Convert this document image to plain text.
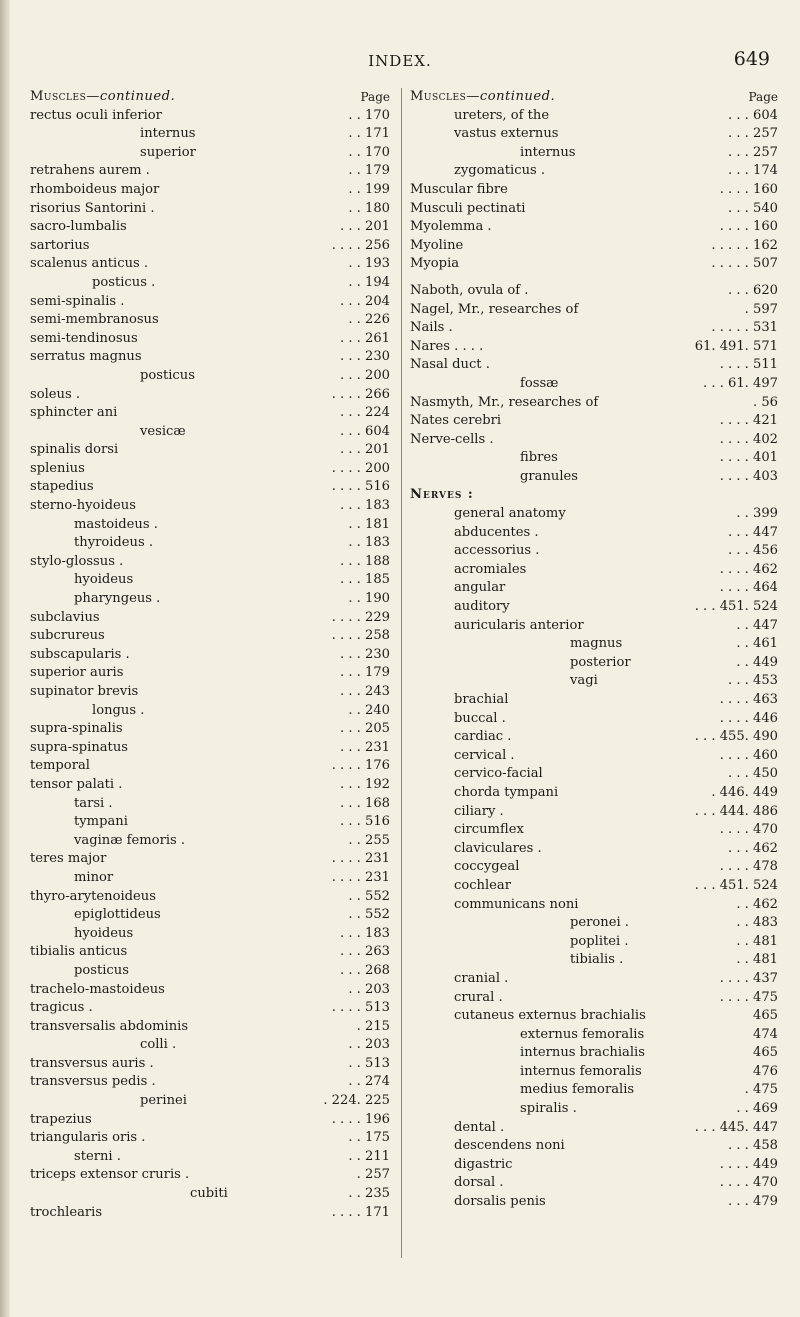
INDEX.	649
Muscles—continued.	Page
rectus oculi inferior	. . 170
internus	. . 171
superior	. . 170
retrahens aurem .	. . 179
rhomboideus major	. . 199
risorius Santorini .	. . 180
sacro-lumbalis	. . . 201
sartorius	. . . . 256
scalenus anticus .	. . 193
posticus .	. . 194
semi-spinalis .	. . . 204
semi-membranosus	. . 226
semi-tendinosus	. . . 261
serratus magnus	. . . 230
posticus	. . . 200
soleus .	. . . . 266
sphincter ani	. . . 224
vesicæ	. . . 604
spinalis dorsi	. . . 201
splenius	. . . . 200
stapedius	. . . . 516
sterno-hyoideus	. . . 183
mastoideus .	. . 181
thyroideus .	. . 183
stylo-glossus .	. . . 188
hyoideus	. . . 185
pharyngeus .	. . 190
subclavius	. . . . 229
subcrureus	. . . . 258
subscapularis .	. . . 230
superior auris	. . . 179
supinator brevis	. . . 243
longus .	. . 240
supra-spinalis	. . . 205
supra-spinatus	. . . 231
temporal	. . . . 176
tensor palati .	. . . 192
tarsi .	. . . 168
tympani	. . . 516
vaginæ femoris .	. . 255
teres major	. . . . 231
minor	. . . . 231
thyro-arytenoideus	. . 552
epiglottideus	. . 552
hyoideus	. . . 183
tibialis anticus	. . . 263
posticus	. . . 268
trachelo-mastoideus	. . 203
tragicus .	. . . . 513
transversalis abdominis	. 215
colli .	. . 203
transversus auris .	. . 513
transversus pedis .	. . 274
perinei	. 224. 225
trapezius	. . . . 196
triangularis oris .	. . 175
sterni .	. . 211
triceps extensor cruris .	. 257
cubiti	. . 235
trochlearis	. . . . 171
Muscles—continued.	Page
ureters, of the	. . . 604
vastus externus	. . . 257
internus	. . . 257
zygomaticus .	. . . 174
Muscular fibre	. . . . 160
Musculi pectinati	. . . 540
Myolemma .	. . . . 160
Myoline	. . . . . 162
Myopia	. . . . . 507
Naboth, ovula of .	. . . 620
Nagel, Mr., researches of	. 597
Nails .	. . . . . 531
Nares . . . .	61. 491. 571
Nasal duct .	. . . . 511
fossæ	. . . 61. 497
Nasmyth, Mr., researches of	. 56
Nates cerebri	. . . . 421
Nerve-cells .	. . . . 402
fibres	. . . . 401
granules	. . . . 403
Nerves :
general anatomy	. . 399
abducentes .	. . . 447
accessorius .	. . . 456
acromiales	. . . . 462
angular	. . . . 464
auditory	. . . 451. 524
auricularis anterior	. . 447
magnus	. . 461
posterior	. . 449
vagi	. . . 453
brachial	. . . . 463
buccal .	. . . . 446
cardiac .	. . . 455. 490
cervical .	. . . . 460
cervico-facial	. . . 450
chorda tympani	. 446. 449
ciliary .	. . . 444. 486
circumflex	. . . . 470
claviculares .	. . . 462
coccygeal	. . . . 478
cochlear	. . . 451. 524
communicans noni	. . 462
peronei .	. . 483
poplitei .	. . 481
tibialis .	. . 481
cranial .	. . . . 437
crural .	. . . . 475
cutaneus externus brachialis	465
externus femoralis	474
internus brachialis	465
internus femoralis	476
medius femoralis	. 475
spiralis .	. . 469
dental .	. . . 445. 447
descendens noni	. . . 458
digastric	. . . . 449
dorsal .	. . . . 470
dorsalis penis	. . . 479
